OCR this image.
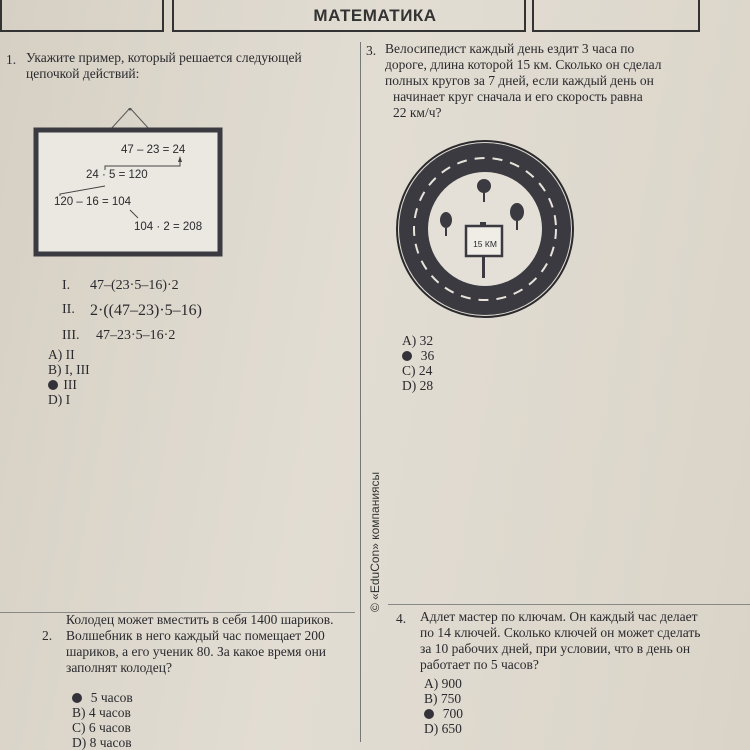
МАТЕМАТИКА
1. Укажите пример, который решается следующей
цепочкой действий:
47 – 23 = 24
24 · 5 = 120
120 – 16 = 104
104 · 2 = 208
I. 47–(23·5–16)·2
II. 2·((47–23)·5–16)
III. 47–23·5–16·2
A) II
B) I, III
III
D) I
3. Велосипедист каждый день ездит 3 часа по
дороге, длина которой 15 км. Сколько он сделал
полных кругов за 7 дней, если каждый день он
начинает круг сначала и его скорость равна
22 км/ч?
15 КМ
A) 32
36
C) 24
D) 28
© «EduCon» компаниясы
2.
Колодец может вместить в себя 1400 шариков.
Волшебник в него каждый час помещает 200
шариков, а его ученик 80. За какое время они
заполнят колодец?
5 часов
B) 4 часов
C) 6 часов
D) 8 часов
4. Адлет мастер по ключам. Он каждый час делает
по 14 ключей. Сколько ключей он может сделать
за 10 рабочих дней, при условии, что в день он
работает по 5 часов?
A) 900
B) 750
700
D) 650
